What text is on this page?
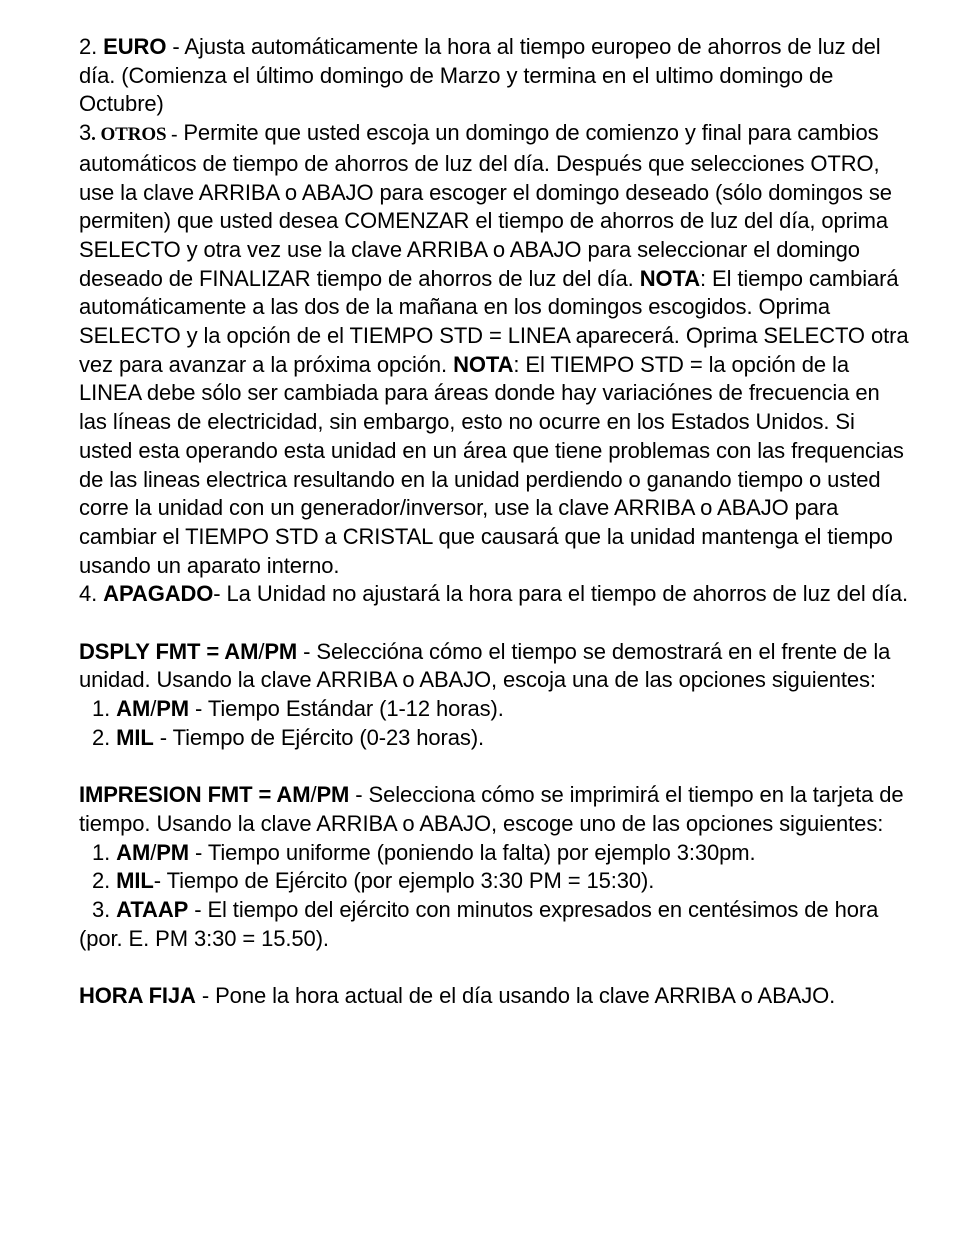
2. EURO - Ajusta automáticamente la hora al tiempo europeo de ahorros de luz del día. (Comienza el último domingo de Marzo y termina en el ultimo domingo de Octubre)

3. OTROS - Permite que usted escoja un domingo de comienzo y final para cambios automáticos de tiempo de ahorros de luz del día. Después que selecciones OTRO, use la clave ARRIBA o ABAJO para escoger el domingo deseado (sólo domingos se permiten) que usted desea COMENZAR el tiempo de ahorros de luz del día, oprima SELECTO y otra vez use la clave ARRIBA o ABAJO para seleccionar el domingo deseado de FINALIZAR tiempo de ahorros de luz del día. NOTA: El tiempo cambiará automáticamente a las dos de la mañana en los domingos escogidos. Oprima SELECTO y la opción de el TIEMPO STD = LINEA aparecerá. Oprima SELECTO otra vez para avanzar a la próxima opción. NOTA: El TIEMPO STD = la opción de la LINEA debe sólo ser cambiada para áreas donde hay variaciónes de frecuencia en las líneas de electricidad, sin embargo, esto no ocurre en los Estados Unidos. Si usted esta operando esta unidad en un área que tiene problemas con las frequencias de las lineas electrica resultando en la unidad perdiendo o ganando tiempo o usted corre la unidad con un generador/inversor, use la clave ARRIBA o ABAJO para cambiar el TIEMPO STD a CRISTAL que causará que la unidad mantenga el tiempo usando un aparato interno.

4. APAGADO- La Unidad no ajustará la hora para el tiempo de ahorros de luz del día.

DSPLY FMT = AM/PM - Selecciónа cómo el tiempo se demostrará en el frente de la unidad. Usando la clave ARRIBA o ABAJO, escoja una de las opciones siguientes:

1. AM/PM - Tiempo Estándar (1-12 horas).

2. MIL - Tiempo de Ejército (0-23 horas).

IMPRESION FMT = AM/PM - Selecciona cómo se imprimirá el tiempo en la tarjeta de tiempo. Usando la clave ARRIBA o ABAJO, escoge uno de las opciones siguientes:

1. AM/PM - Tiempo uniforme (poniendo la falta) por ejemplo 3:30pm.

2. MIL- Tiempo de Ejército (por ejemplo 3:30 PM = 15:30).

3. ATAAP - El tiempo del ejército con minutos expresados en centésimos de hora (por. E. PM 3:30 = 15.50).

HORA FIJA - Pone la hora actual de el día usando la clave ARRIBA o ABAJO.
